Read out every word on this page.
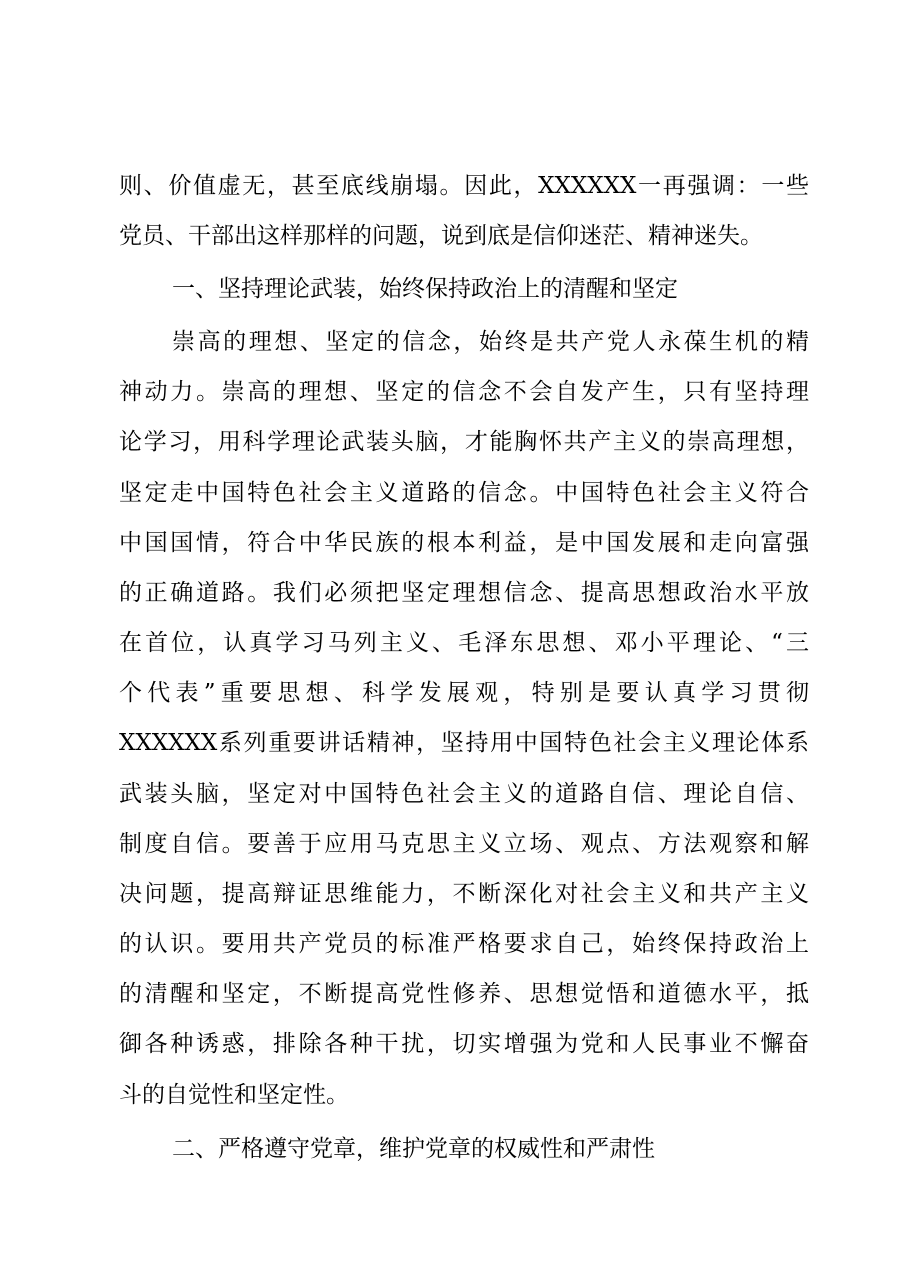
则、价值虚无，甚至底线崩塌。因此，XXXXXX一再强调：一些
党员、干部出这样那样的问题，说到底是信仰迷茫、精神迷失。
一、坚持理论武装，始终保持政治上的清醒和坚定
崇高的理想、坚定的信念，始终是共产党人永葆生机的精
神动力。崇高的理想、坚定的信念不会自发产生，只有坚持理
论学习，用科学理论武装头脑，才能胸怀共产主义的崇高理想，
坚定走中国特色社会主义道路的信念。中国特色社会主义符合
中国国情，符合中华民族的根本利益，是中国发展和走向富强
的正确道路。我们必须把坚定理想信念、提高思想政治水平放
在首位，认真学习马列主义、毛泽东思想、邓小平理论、“三
个代表”重要思想、科学发展观，特别是要认真学习贯彻
XXXXXX系列重要讲话精神，坚持用中国特色社会主义理论体系
武装头脑，坚定对中国特色社会主义的道路自信、理论自信、
制度自信。要善于应用马克思主义立场、观点、方法观察和解
决问题，提高辩证思维能力，不断深化对社会主义和共产主义
的认识。要用共产党员的标准严格要求自己，始终保持政治上
的清醒和坚定，不断提高党性修养、思想觉悟和道德水平，抵
御各种诱惑，排除各种干扰，切实增强为党和人民事业不懈奋
斗的自觉性和坚定性。
二、严格遵守党章，维护党章的权威性和严肃性
